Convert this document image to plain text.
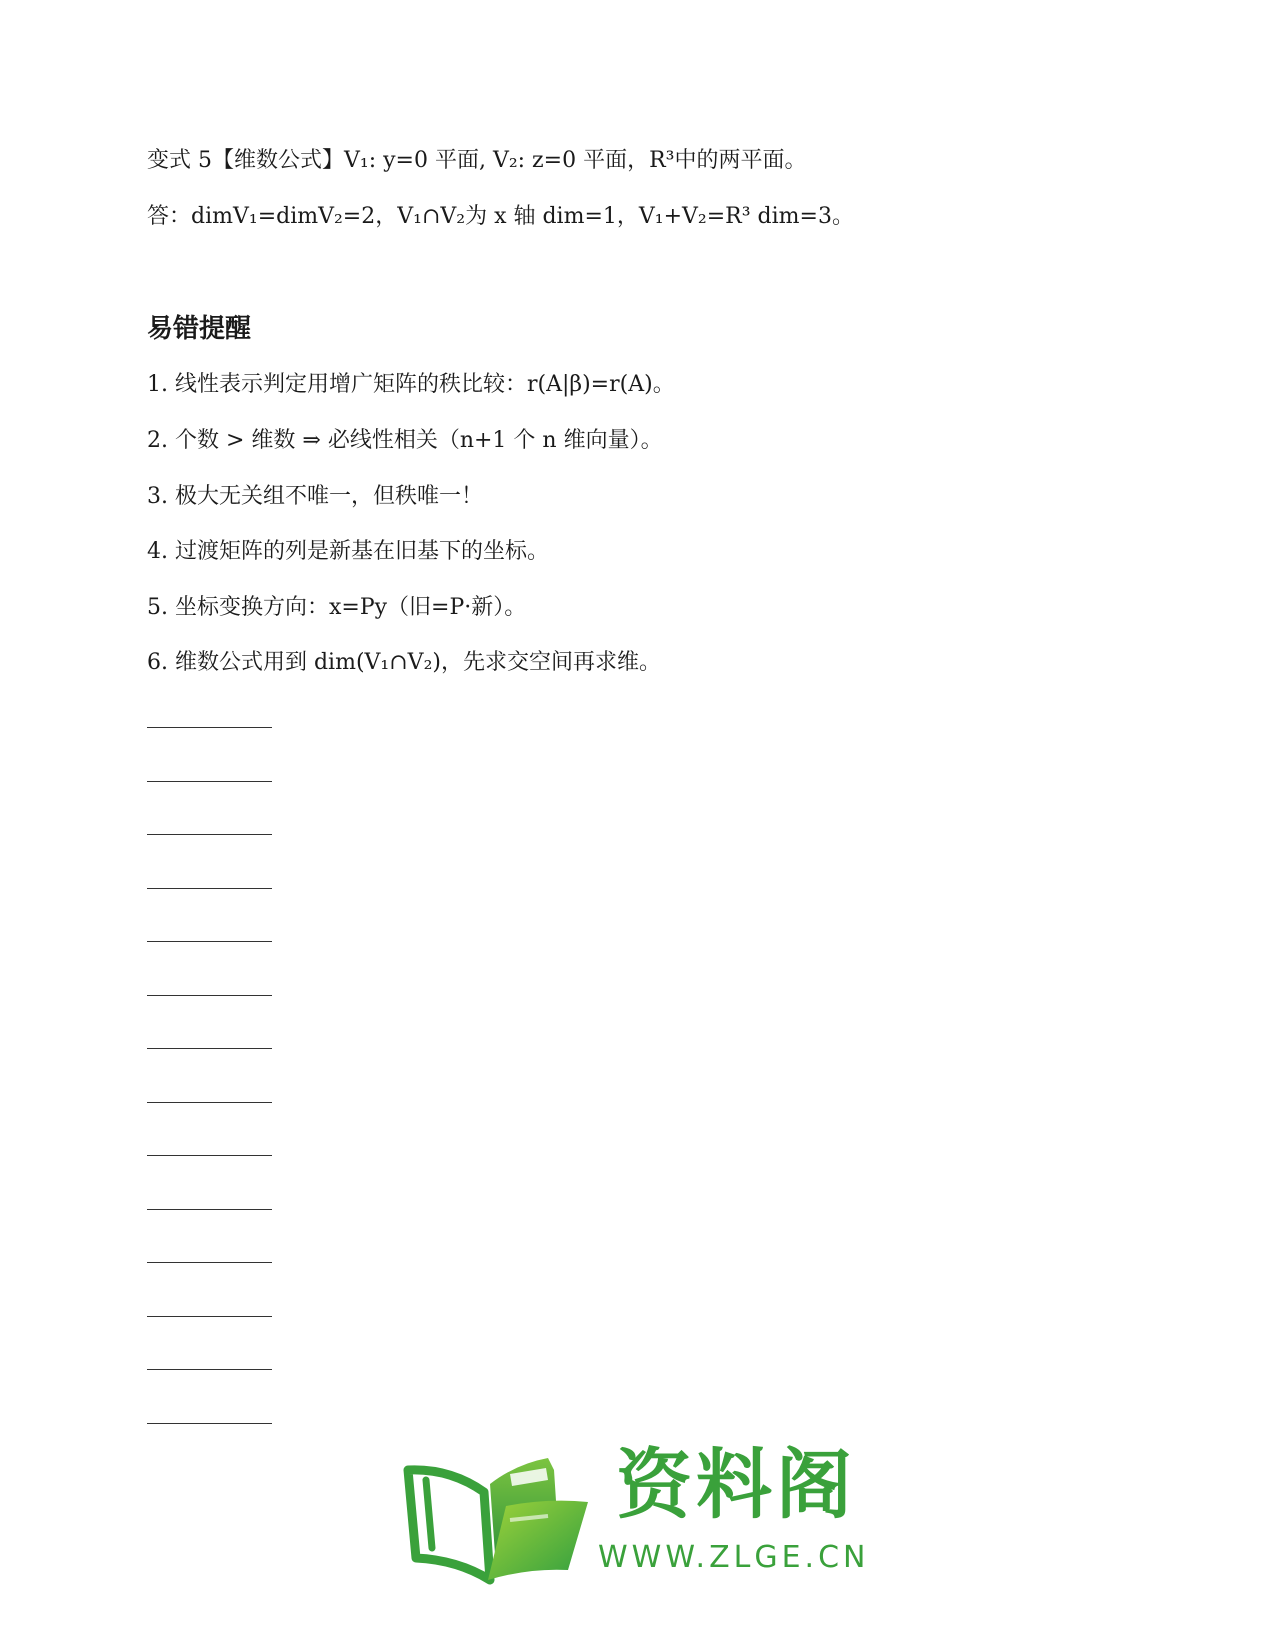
变式 5【维数公式】V₁: y=0 平面, V₂: z=0 平面，R³中的两平面。
答：dimV₁=dimV₂=2，V₁∩V₂为 x 轴 dim=1，V₁+V₂=R³ dim=3。
易错提醒
1. 线性表示判定用增广矩阵的秩比较：r(A|β)=r(A)。
2. 个数 > 维数 ⇒ 必线性相关（n+1 个 n 维向量）。
3. 极大无关组不唯一，但秩唯一！
4. 过渡矩阵的列是新基在旧基下的坐标。
5. 坐标变换方向：x=Py（旧=P·新）。
6. 维数公式用到 dim(V₁∩V₂)，先求交空间再求维。
资料阁
WWW.ZLGE.CN
